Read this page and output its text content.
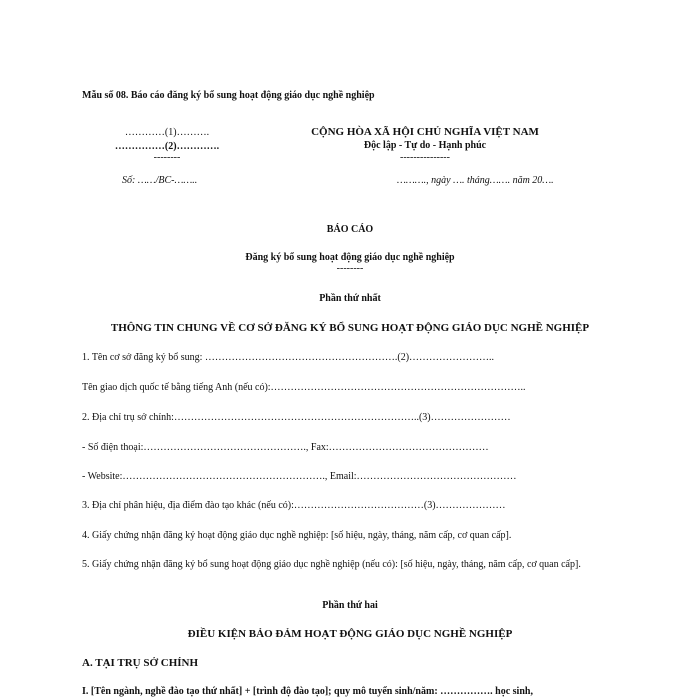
Mẫu số 08. Báo cáo đăng ký bổ sung hoạt động giáo dục nghề nghiệp
…………(1)……….
……………(2)………….
--------
Số: ……/BC-……..
CỘNG HÒA XÃ HỘI CHỦ NGHĨA VIỆT NAM
Độc lập - Tự do - Hạnh phúc
---------------
………., ngày …. tháng……. năm 20….
BÁO CÁO
Đăng ký bổ sung hoạt động giáo dục nghề nghiệp
--------
Phần thứ nhất
THÔNG TIN CHUNG VỀ CƠ SỞ ĐĂNG KÝ BỔ SUNG HOẠT ĐỘNG GIÁO DỤC NGHỀ NGHIỆP
1. Tên cơ sở đăng ký bổ sung: ………………………………………………….(2)……………………..
Tên giao dịch quốc tế bằng tiếng Anh (nếu có):…………………………………………………………………..
2. Địa chỉ trụ sở chính:………………………………………………………………..(3)……………………
- Số điện thoại:…………………………………………., Fax:…………………………………………
- Website:……………………………………………………., Email:…………………………………………
3. Địa chỉ phân hiệu, địa điểm đào tạo khác (nếu có):…………………………………(3)…………………
4. Giấy chứng nhận đăng ký hoạt động giáo dục nghề nghiệp: [số hiệu, ngày, tháng, năm cấp, cơ quan cấp].
5. Giấy chứng nhận đăng ký bổ sung hoạt động giáo dục nghề nghiệp (nếu có): [số hiệu, ngày, tháng, năm cấp, cơ quan cấp].
Phần thứ hai
ĐIỀU KIỆN BẢO ĐẢM HOẠT ĐỘNG GIÁO DỤC NGHỀ NGHIỆP
A. TẠI TRỤ SỞ CHÍNH
I. [Tên ngành, nghề đào tạo thứ nhất] + [trình độ đào tạo]; quy mô tuyển sinh/năm: ……………. học sinh,
